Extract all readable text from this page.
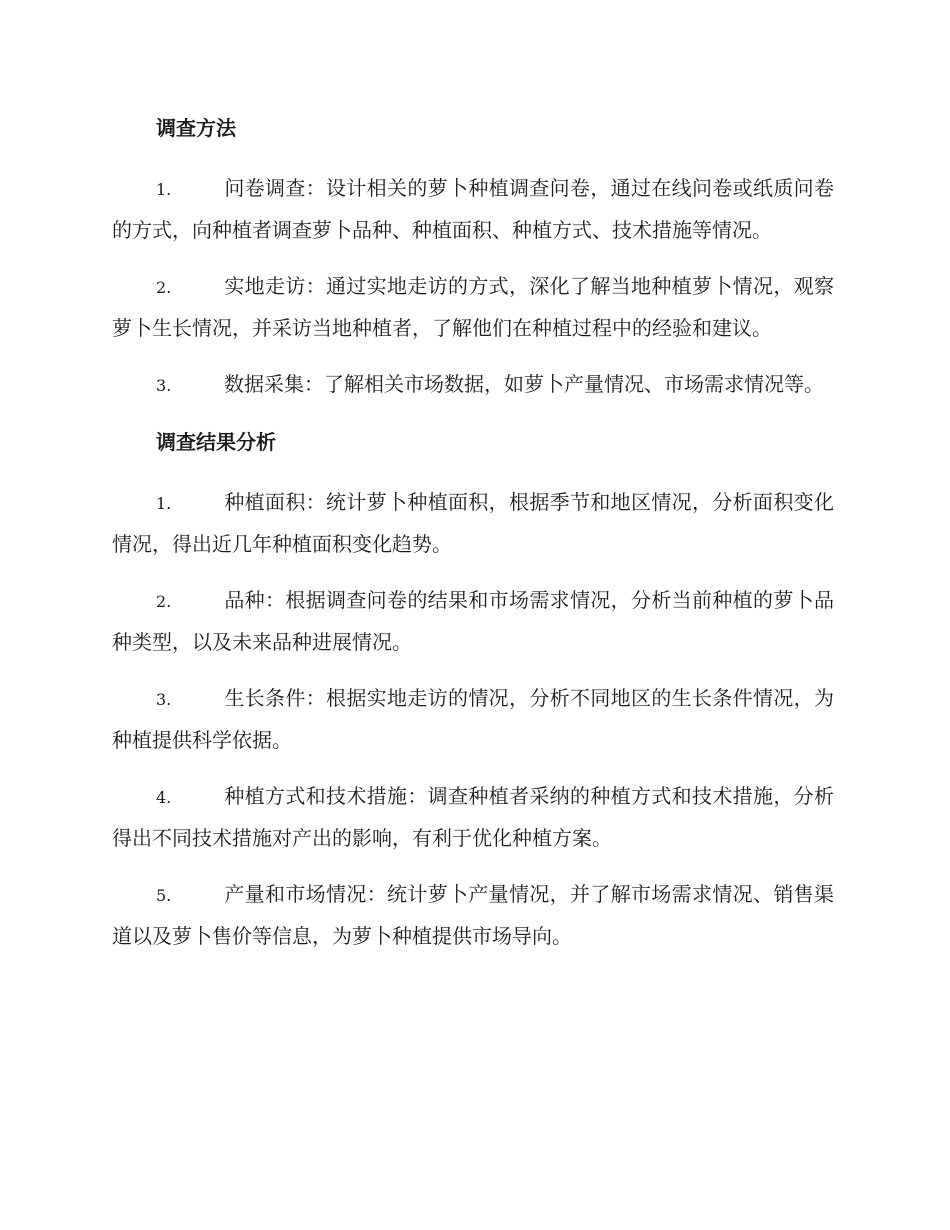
调查方法

1.	问卷调查：设计相关的萝卜种植调查问卷，通过在线问卷或纸质问卷的方式，向种植者调查萝卜品种、种植面积、种植方式、技术措施等情况。

2.	实地走访：通过实地走访的方式，深化了解当地种植萝卜情况，观察萝卜生长情况，并采访当地种植者，了解他们在种植过程中的经验和建议。

3.	数据采集：了解相关市场数据，如萝卜产量情况、市场需求情况等。

调查结果分析

1.	种植面积：统计萝卜种植面积，根据季节和地区情况，分析面积变化情况，得出近几年种植面积变化趋势。

2.	品种：根据调查问卷的结果和市场需求情况，分析当前种植的萝卜品种类型，以及未来品种进展情况。

3.	生长条件：根据实地走访的情况，分析不同地区的生长条件情况，为种植提供科学依据。

4.	种植方式和技术措施：调查种植者采纳的种植方式和技术措施，分析得出不同技术措施对产出的影响，有利于优化种植方案。

5.	产量和市场情况：统计萝卜产量情况，并了解市场需求情况、销售渠道以及萝卜售价等信息，为萝卜种植提供市场导向。
